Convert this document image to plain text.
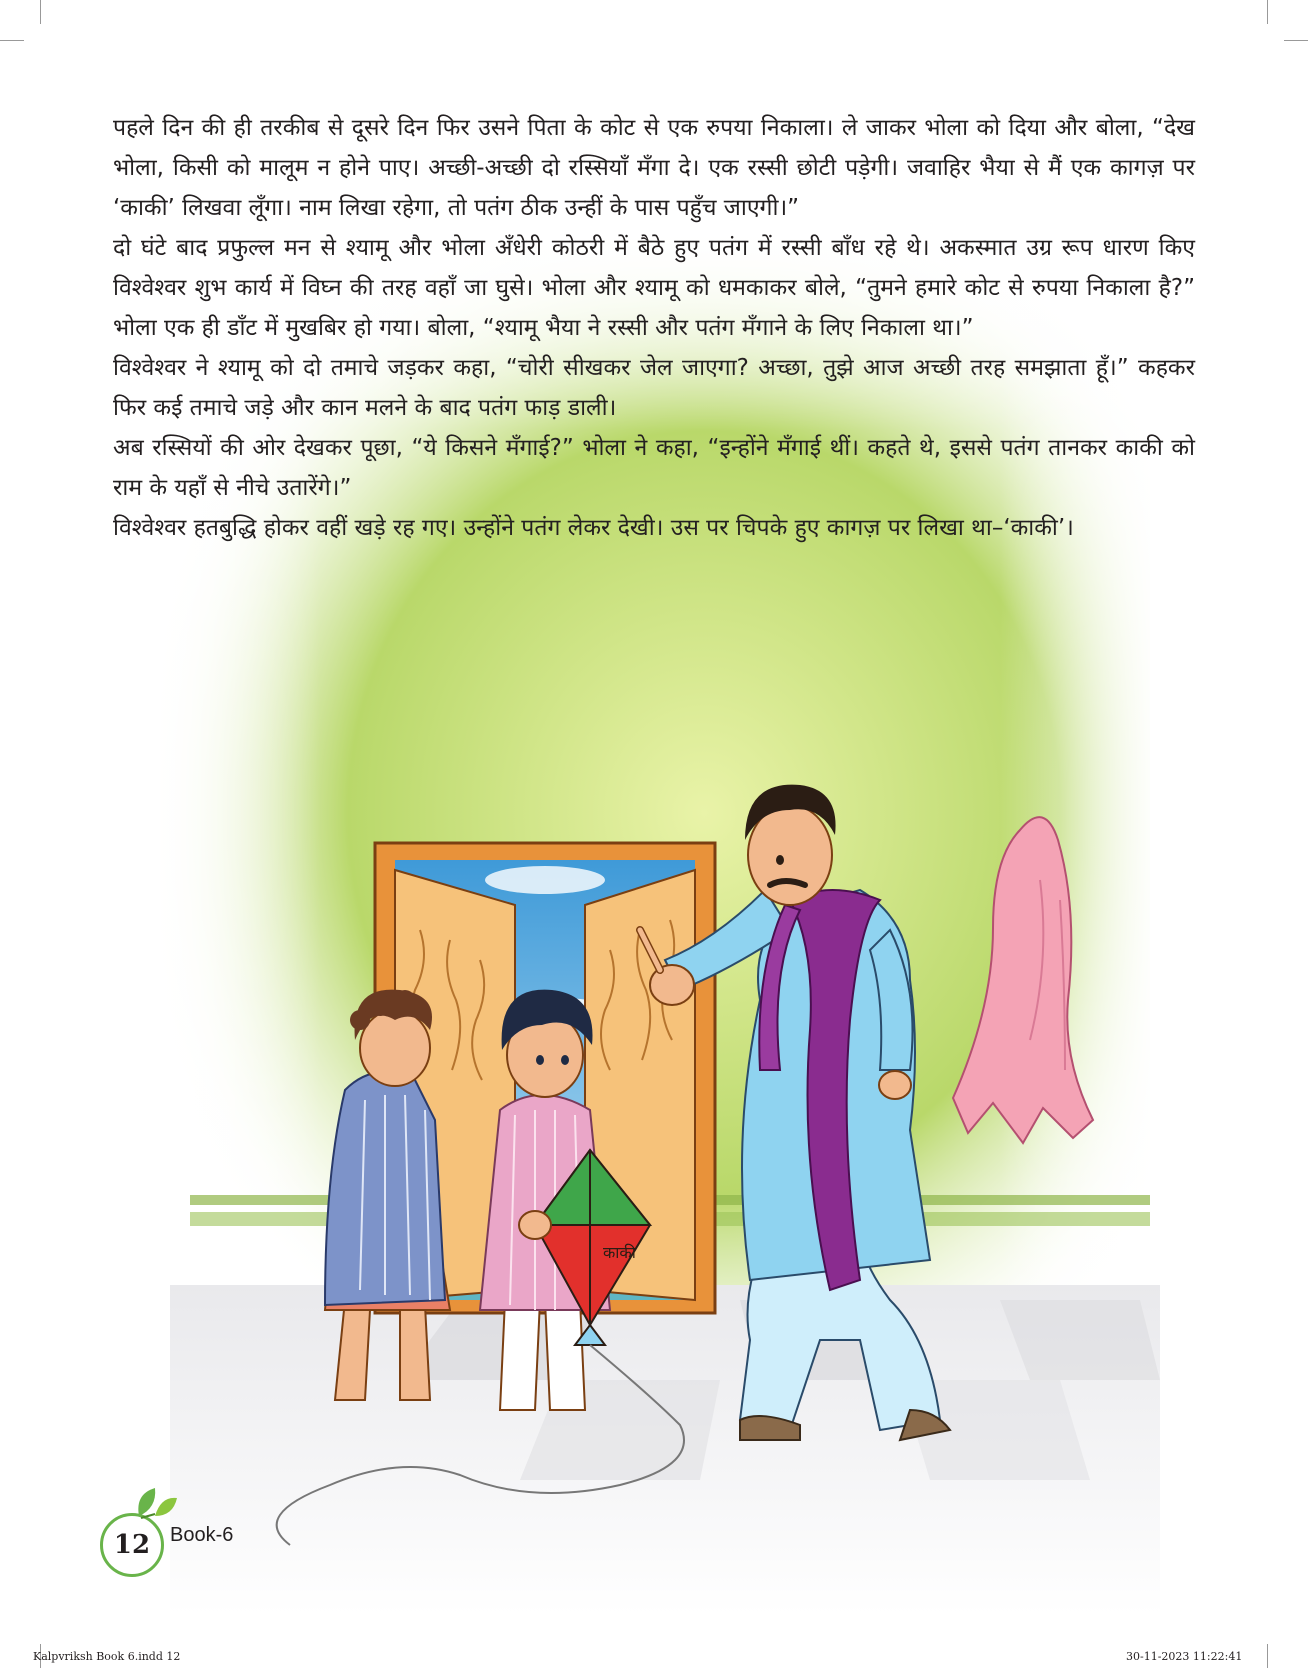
काकी

पहले दिन की ही तरकीब से दूसरे दिन फिर उसने पिता के कोट से एक रुपया निकाला। ले जाकर भोला को दिया और बोला, “देख भोला, किसी को मालूम न होने पाए। अच्छी-अच्छी दो रस्सियाँ मँगा दे। एक रस्सी छोटी पड़ेगी। जवाहिर भैया से मैं एक कागज़ पर ‘काकी’ लिखवा लूँगा। नाम लिखा रहेगा, तो पतंग ठीक उन्हीं के पास पहुँच जाएगी।”

दो घंटे बाद प्रफुल्ल मन से श्यामू और भोला अँधेरी कोठरी में बैठे हुए पतंग में रस्सी बाँध रहे थे। अकस्मात उग्र रूप धारण किए विश्वेश्वर शुभ कार्य में विघ्न की तरह वहाँ जा घुसे। भोला और श्यामू को धमकाकर बोले, “तुमने हमारे कोट से रुपया निकाला है?” भोला एक ही डाँट में मुखबिर हो गया। बोला, “श्यामू भैया ने रस्सी और पतंग मँगाने के लिए निकाला था।”

विश्वेश्वर ने श्यामू को दो तमाचे जड़कर कहा, “चोरी सीखकर जेल जाएगा? अच्छा, तुझे आज अच्छी तरह समझाता हूँ।” कहकर फिर कई तमाचे जड़े और कान मलने के बाद पतंग फाड़ डाली।

अब रस्सियों की ओर देखकर पूछा, “ये किसने मँगाई?” भोला ने कहा, “इन्होंने मँगाई थीं। कहते थे, इससे पतंग तानकर काकी को राम के यहाँ से नीचे उतारेंगे।”

विश्वेश्वर हतबुद्धि होकर वहीं खड़े रह गए। उन्होंने पतंग लेकर देखी। उस पर चिपके हुए कागज़ पर लिखा था–‘काकी’।

12 Book-6
Kalpvriksh Book 6.indd 12	30-11-2023 11:22:41
